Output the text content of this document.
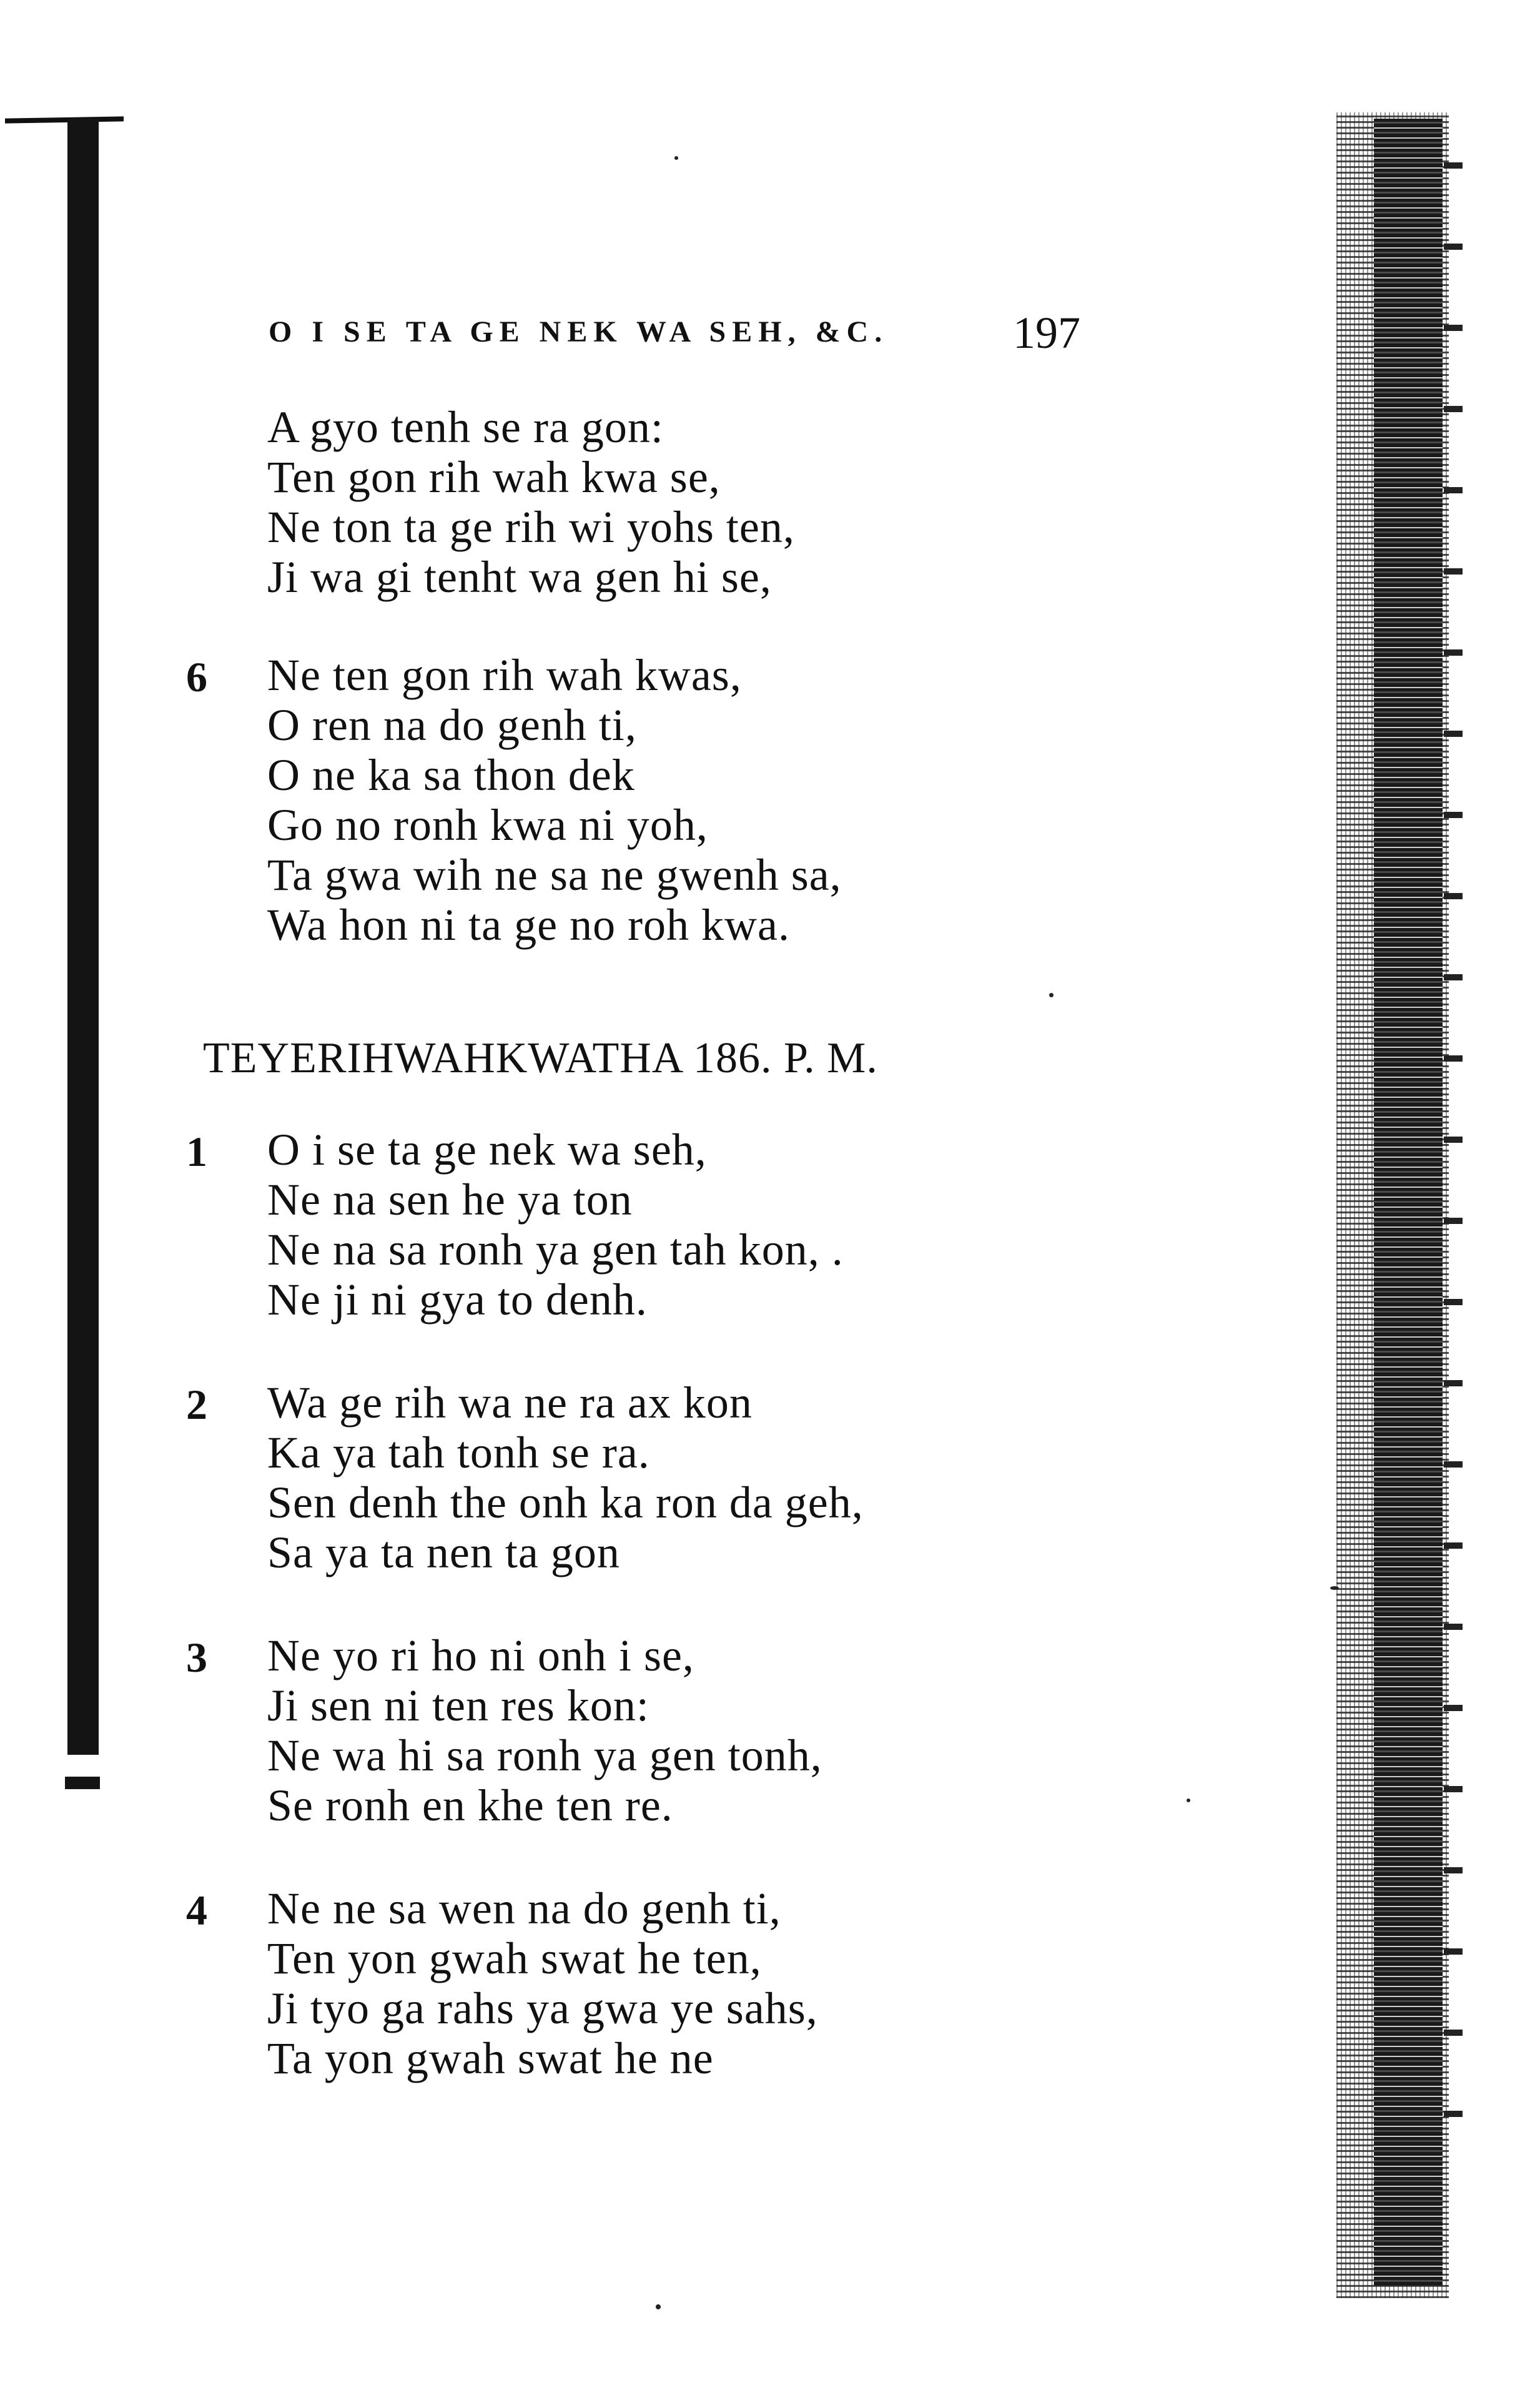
O I SE TA GE NEK WA SEH, &C.	197
A gyo tenh se ra gon:
Ten gon rih wah kwa se,
Ne ton ta ge rih wi yohs ten,
Ji wa gi tenht wa gen hi se,
6 Ne ten gon rih wah kwas,
O ren na do genh ti,
O ne ka sa thon dek
Go no ronh kwa ni yoh,
Ta gwa wih ne sa ne gwenh sa,
Wa hon ni ta ge no roh kwa.
TEYERIHWAHKWATHA 186. P. M.
1 O i se ta ge nek wa seh,
Ne na sen he ya ton
Ne na sa ronh ya gen tah kon, .
Ne ji ni gya to denh.
2 Wa ge rih wa ne ra ax kon
Ka ya tah tonh se ra.
Sen denh the onh ka ron da geh,
Sa ya ta nen ta gon
3 Ne yo ri ho ni onh i se,
Ji sen ni ten res kon:
Ne wa hi sa ronh ya gen tonh,
Se ronh en khe ten re.
4 Ne ne sa wen na do genh ti,
Ten yon gwah swat he ten,
Ji tyo ga rahs ya gwa ye sahs,
Ta yon gwah swat he ne
